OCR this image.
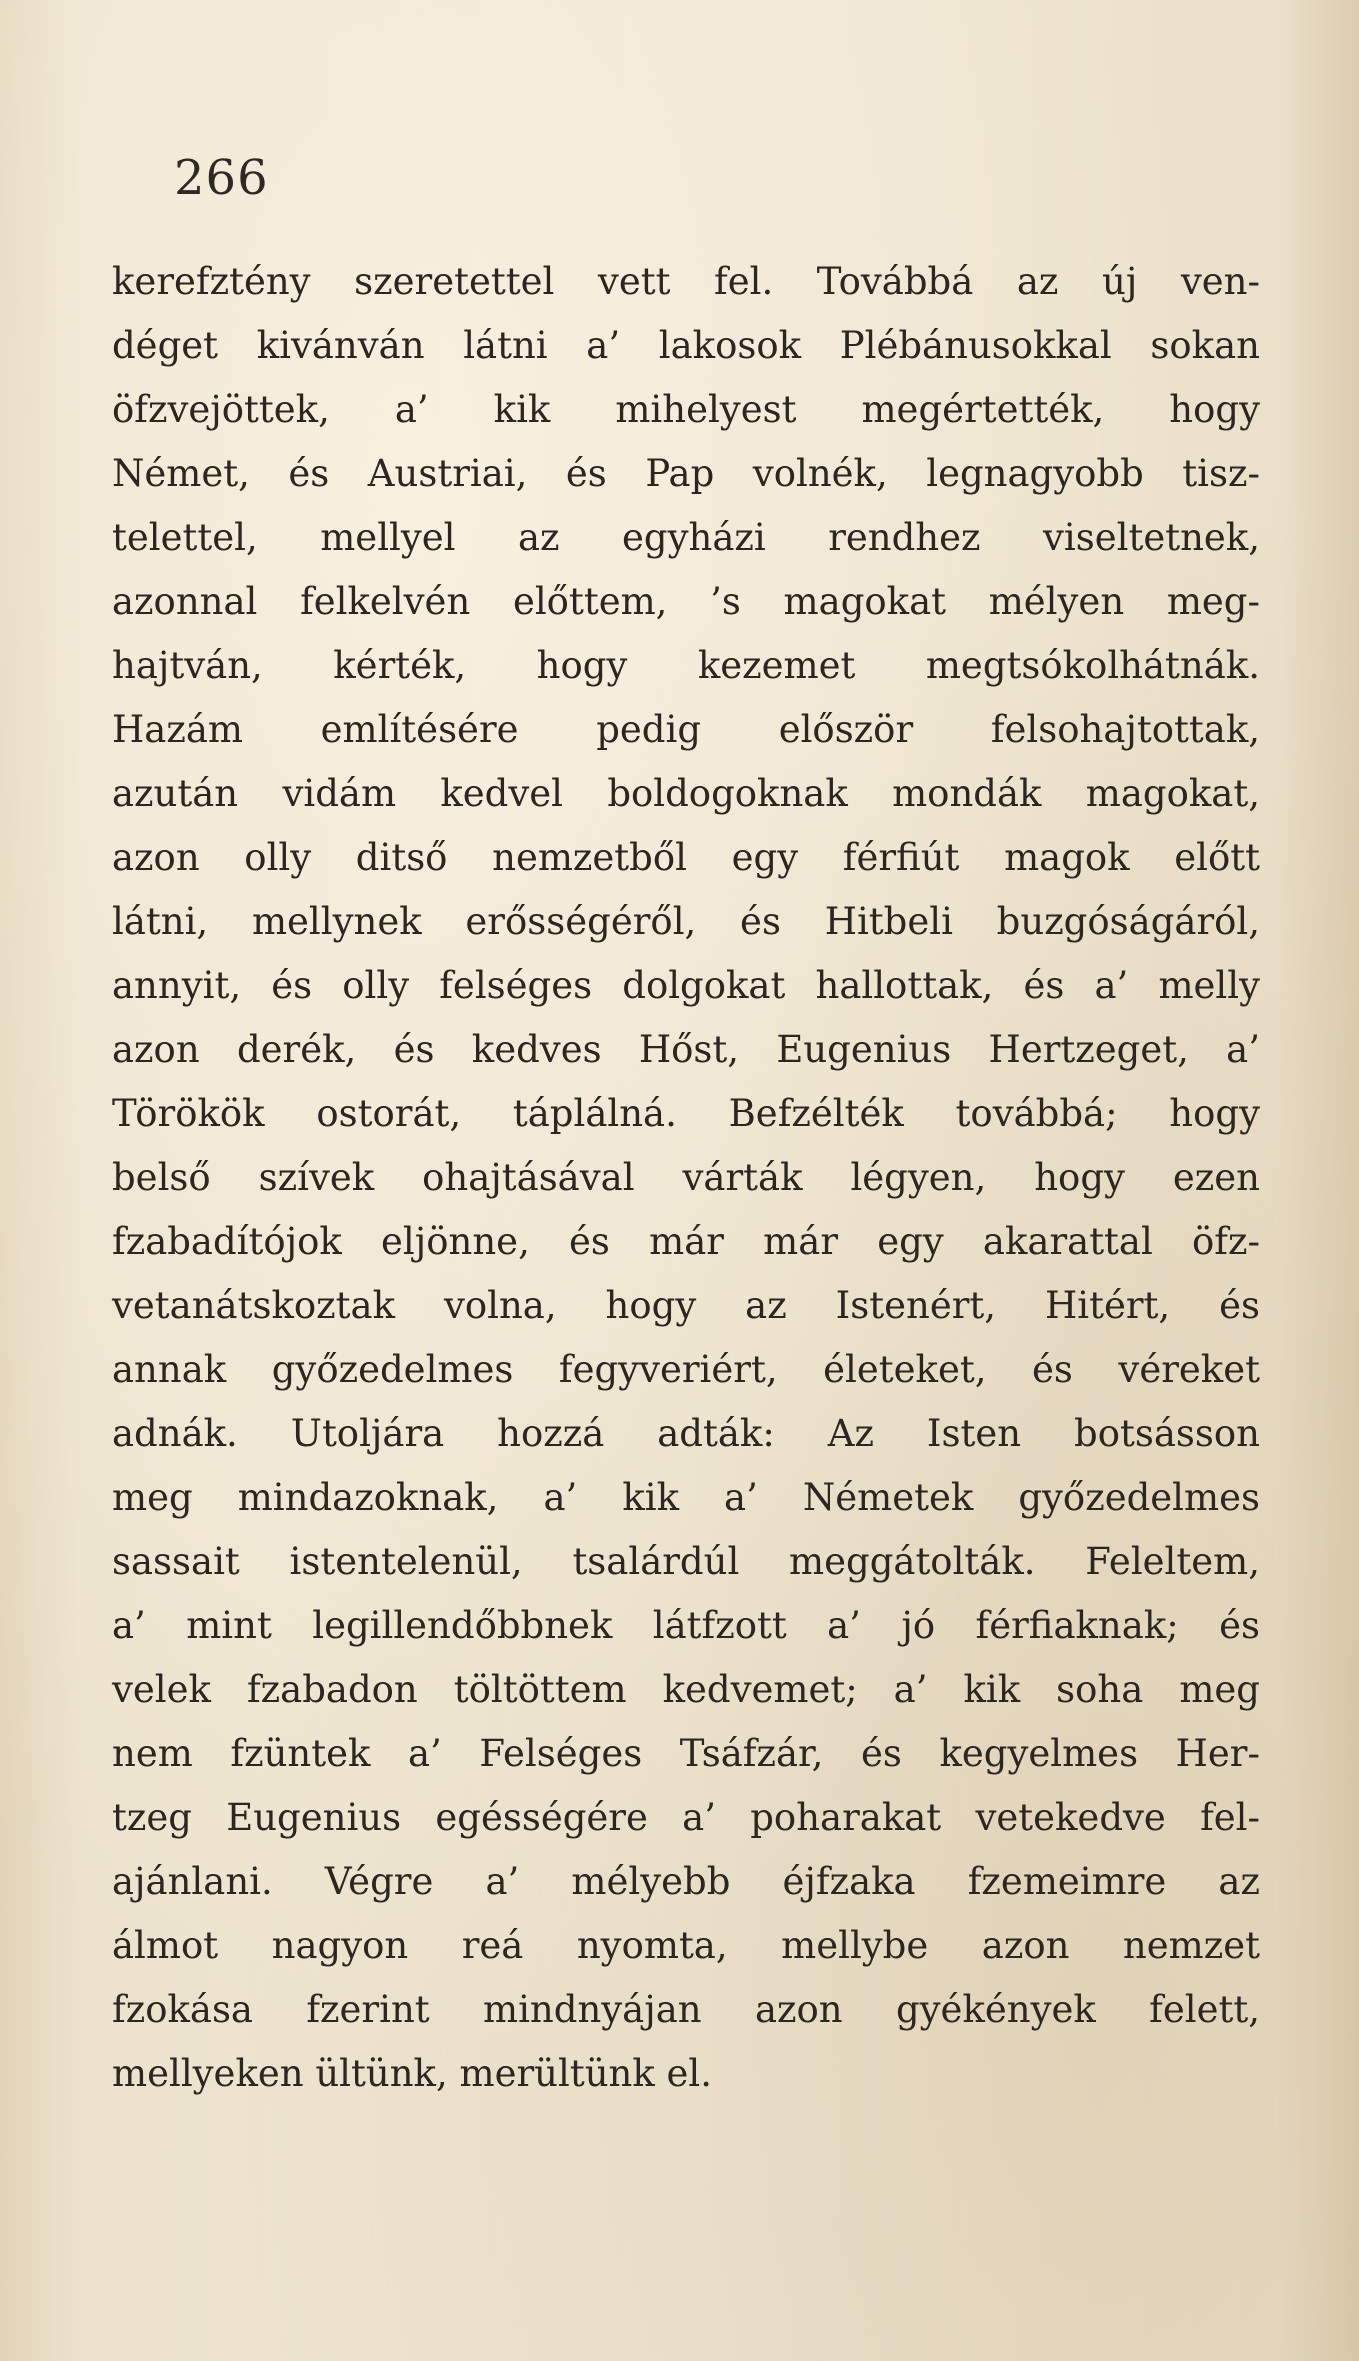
266
kerefztény szeretettel vett fel. Továbbá az új ven-
déget kivánván látni a’ lakosok Plébánusokkal sokan
öfzvejöttek, a’ kik mihelyest megértették, hogy
Német, és Austriai, és Pap volnék, legnagyobb tisz-
telettel, mellyel az egyházi rendhez viseltetnek,
azonnal felkelvén előttem, ’s magokat mélyen meg-
hajtván, kérték, hogy kezemet megtsókolhátnák.
Hazám említésére pedig először felsohajtottak,
azután vidám kedvel boldogoknak mondák magokat,
azon olly ditső nemzetből egy férfiút magok előtt
látni, mellynek erősségéről, és Hitbeli buzgóságáról,
annyit, és olly felséges dolgokat hallottak, és a’ melly
azon derék, és kedves Hőst, Eugenius Hertzeget, a’
Törökök ostorát, táplálná. Befzélték továbbá; hogy
belső szívek ohajtásával várták légyen, hogy ezen
fzabadítójok eljönne, és már már egy akarattal öfz-
vetanátskoztak volna, hogy az Istenért, Hitért, és
annak győzedelmes fegyveriért, életeket, és véreket
adnák. Utoljára hozzá adták: Az Isten botsásson
meg mindazoknak, a’ kik a’ Németek győzedelmes
sassait istentelenül, tsalárdúl meggátolták. Feleltem,
a’ mint legillendőbbnek látfzott a’ jó férfiaknak; és
velek fzabadon töltöttem kedvemet; a’ kik soha meg
nem fzüntek a’ Felséges Tsáfzár, és kegyelmes Her-
tzeg Eugenius egésségére a’ poharakat vetekedve fel-
ajánlani. Végre a’ mélyebb éjfzaka fzemeimre az
álmot nagyon reá nyomta, mellybe azon nemzet
fzokása fzerint mindnyájan azon gyékények felett,
mellyeken ültünk, merültünk el.
